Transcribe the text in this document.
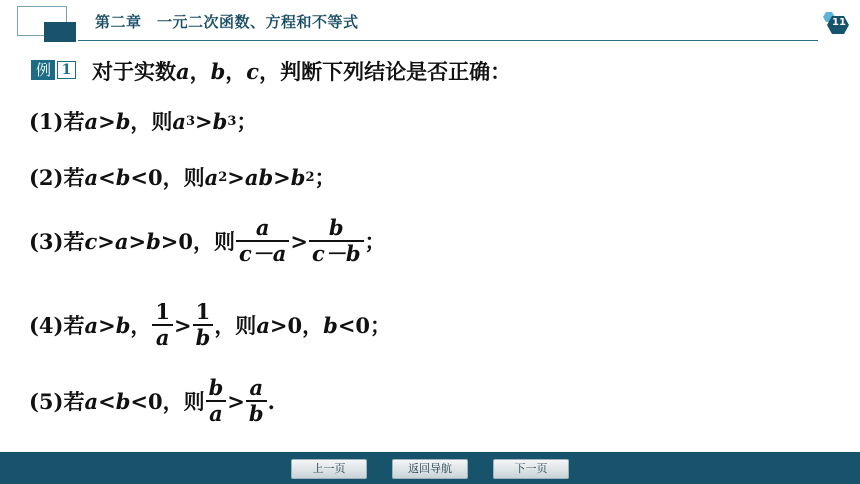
第二章　一元二次函数、方程和不等式	11
例 1 对于实数 a ， b ， c ，判断下列结论是否正确：
(1)若 a > b ，则 a 3 > b 3 ；
(2)若 a < b <0 ，则 a 2 > ab > b 2 ；
(3)若 c > a > b >0 ，则 $\frac{a}{c-a} > \frac{b}{c-b}$ ；
(4)若 a > b ， $\frac{1}{a} > \frac{1}{b}$ ，则 a >0 ， b <0 ；
(5)若 a < b <0 ，则 $\frac{b}{a} > \frac{a}{b}$ .
上一页	返回导航	下一页
